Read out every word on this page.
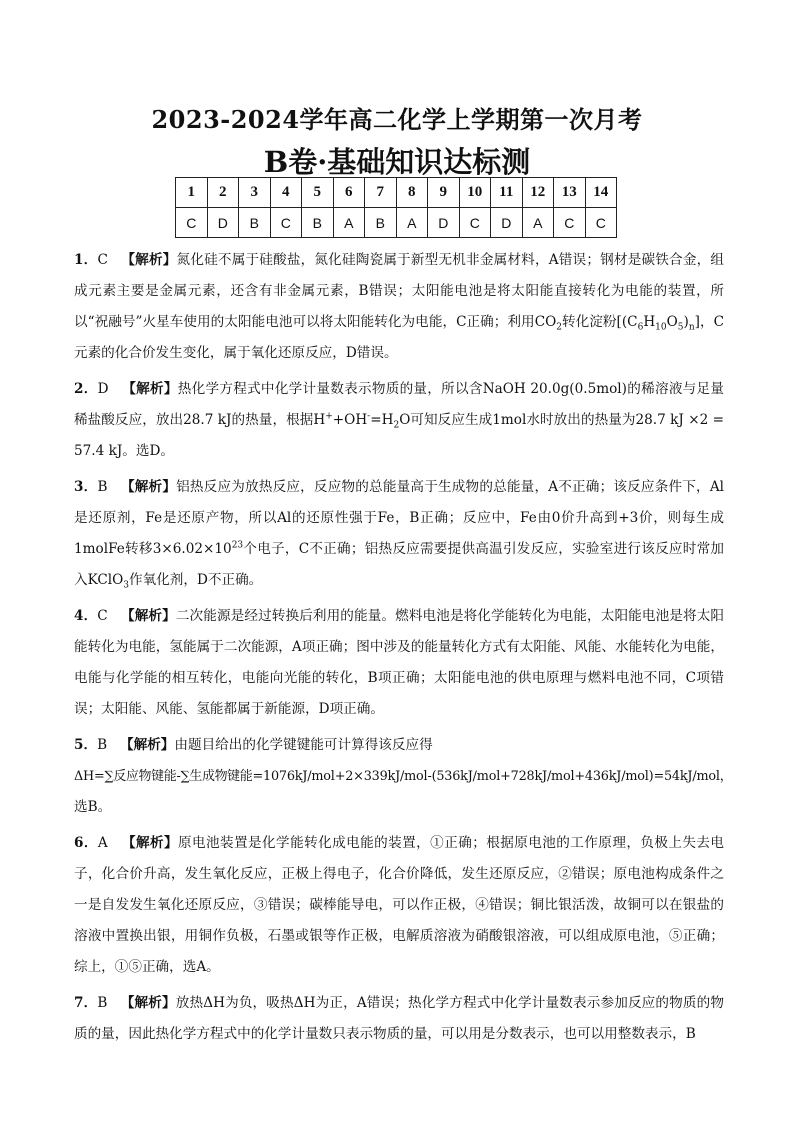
2023-2024学年高二化学上学期第一次月考
B卷·基础知识达标测
1	2	3	4	5	6	7	8	9	10	11	12	13	14
C	D	B	C	B	A	B	A	D	C	D	A	C	C

1．C 【解析】氮化硅不属于硅酸盐，氮化硅陶瓷属于新型无机非金属材料，A错误；钢材是碳铁合金，组成元素主要是金属元素，还含有非金属元素，B错误；太阳能电池是将太阳能直接转化为电能的装置，所以“祝融号”火星车使用的太阳能电池可以将太阳能转化为电能，C正确；利用$CO_2$转化淀粉$[(C_6H_{10}O_5)_n]$，C元素的化合价发生变化，属于氧化还原反应，D错误。

2．D 【解析】热化学方程式中化学计量数表示物质的量，所以含NaOH 20.0g(0.5mol)的稀溶液与足量稀盐酸反应，放出28.7 kJ的热量，根据$H^++OH^-=H_2O$可知反应生成1mol水时放出的热量为28.7 kJ ×2 = 57.4 kJ。选D。

3．B 【解析】铝热反应为放热反应，反应物的总能量高于生成物的总能量，A不正确；该反应条件下，Al是还原剂，Fe是还原产物，所以Al的还原性强于Fe，B正确；反应中，Fe由0价升高到+3价，则每生成1molFe转移$3\times 6.02\times 10^{23}$个电子，C不正确；铝热反应需要提供高温引发反应，实验室进行该反应时常加入KClO$_3$作氧化剂，D不正确。

4．C 【解析】二次能源是经过转换后利用的能量。燃料电池是将化学能转化为电能，太阳能电池是将太阳能转化为电能，氢能属于二次能源，A项正确；图中涉及的能量转化方式有太阳能、风能、水能转化为电能，电能与化学能的相互转化，电能向光能的转化，B项正确；太阳能电池的供电原理与燃料电池不同，C项错误；太阳能、风能、氢能都属于新能源，D项正确。

5．B 【解析】由题目给出的化学键键能可计算得该反应得
ΔH=∑反应物键能-∑生成物键能=1076kJ/mol+2×339kJ/mol-(536kJ/mol+728kJ/mol+436kJ/mol)=54kJ/mol，
选B。

6．A 【解析】原电池装置是化学能转化成电能的装置，①正确；根据原电池的工作原理，负极上失去电子，化合价升高，发生氧化反应，正极上得电子，化合价降低，发生还原反应，②错误；原电池构成条件之一是自发发生氧化还原反应，③错误；碳棒能导电，可以作正极，④错误；铜比银活泼，故铜可以在银盐的溶液中置换出银，用铜作负极，石墨或银等作正极，电解质溶液为硝酸银溶液，可以组成原电池，⑤正确；综上，①⑤正确，选A。

7．B 【解析】放热ΔH为负，吸热ΔH为正，A错误；热化学方程式中化学计量数表示参加反应的物质的物质的量，因此热化学方程式中的化学计量数只表示物质的量，可以用是分数表示，也可以用整数表示，B
